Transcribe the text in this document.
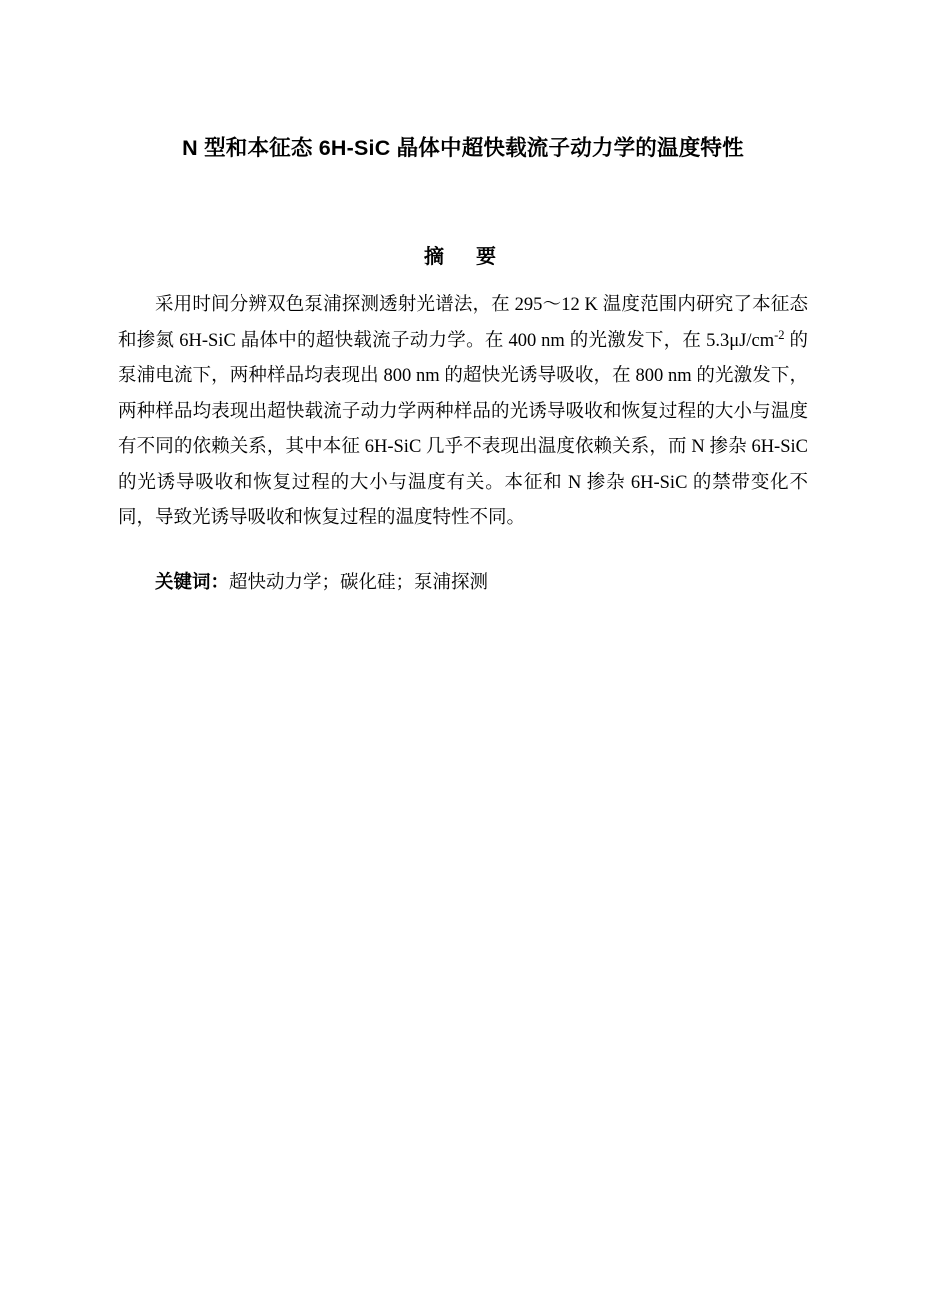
N 型和本征态 6H-SiC 晶体中超快载流子动力学的温度特性
摘　要
采用时间分辨双色泵浦探测透射光谱法，在 295～12 K 温度范围内研究了本征态和掺氮 6H-SiC 晶体中的超快载流子动力学。在 400 nm 的光激发下，在 $5.3\mu J/cm^{-2}$ 的泵浦电流下，两种样品均表现出 800 nm 的超快光诱导吸收，在 800 nm 的光激发下，两种样品均表现出超快载流子动力学两种样品的光诱导吸收和恢复过程的大小与温度有不同的依赖关系，其中本征 6H-SiC 几乎不表现出温度依赖关系，而 N 掺杂 6H-SiC 的光诱导吸收和恢复过程的大小与温度有关。本征和 N 掺杂 6H-SiC 的禁带变化不同，导致光诱导吸收和恢复过程的温度特性不同。
关键词：超快动力学；碳化硅；泵浦探测
